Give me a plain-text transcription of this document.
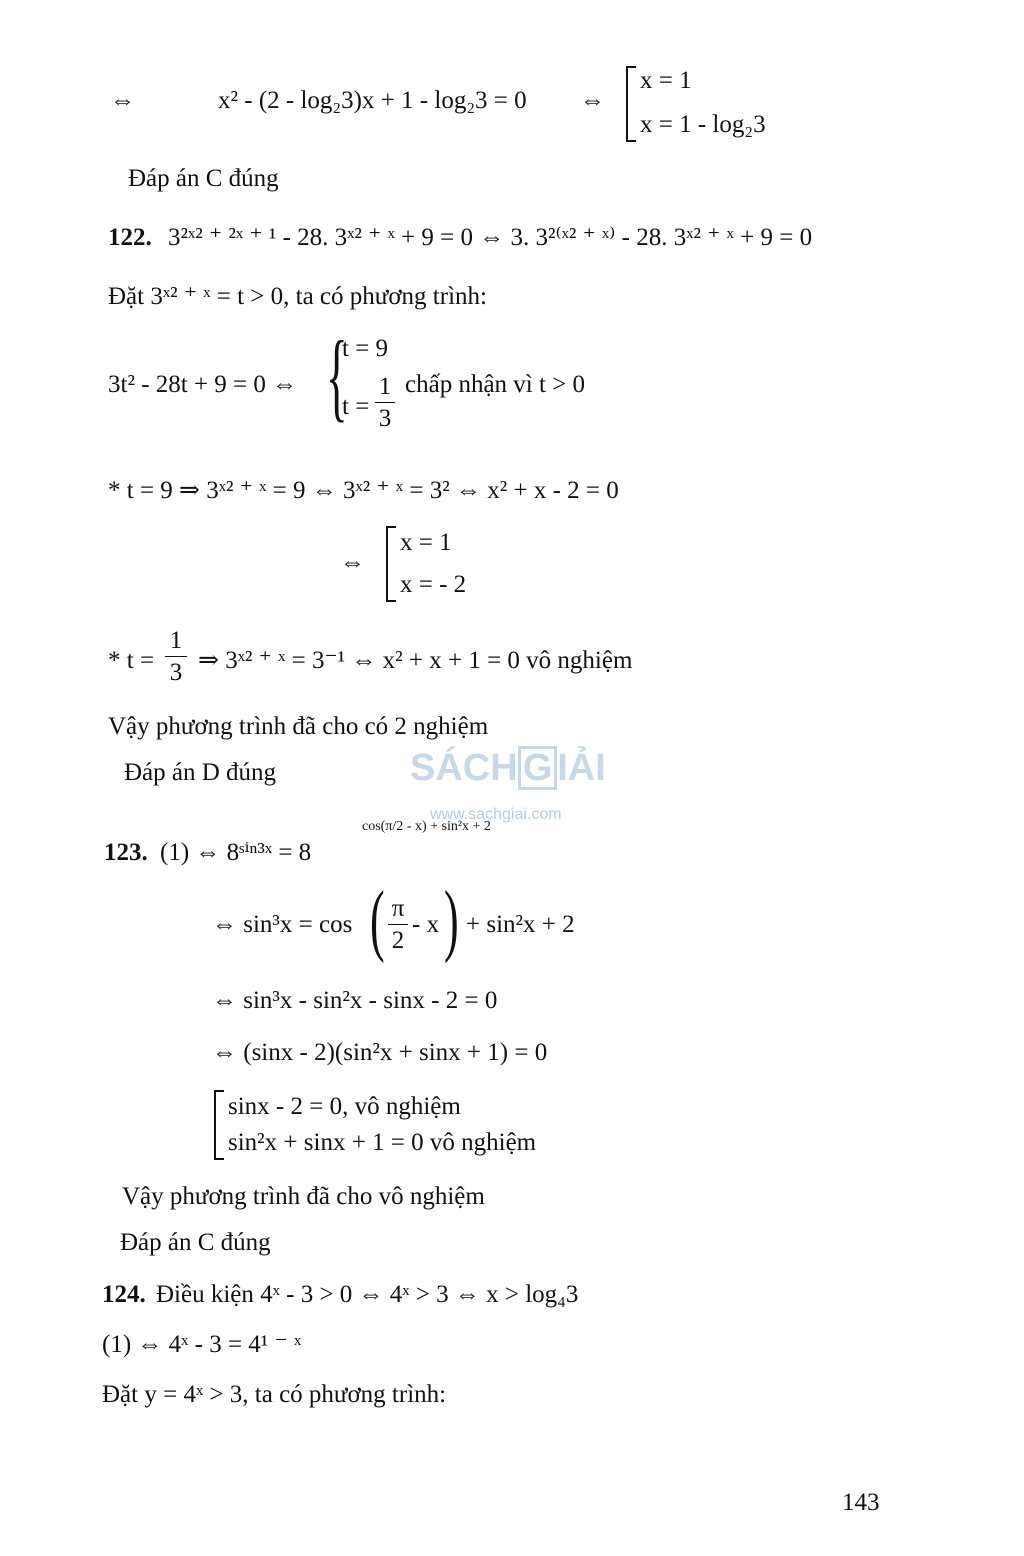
⇔	x² - (2 - log₂3)x + 1 - log₂3 = 0 ⇔
x = 1
x = 1 - log₂3
Đáp án C đúng
122. 3²ˣ² ⁺ ²ˣ ⁺ ¹ - 28. 3ˣ² ⁺ ˣ + 9 = 0 ⇔ 3. 3²⁽ˣ² ⁺ ˣ⁾ - 28. 3ˣ² ⁺ ˣ + 9 = 0
Đặt 3ˣ² ⁺ ˣ = t > 0, ta có phương trình:
3t² - 28t + 9 = 0 ⇔ {
t = 9
t =
1
3
chấp nhận vì t > 0
* t = 9 ⇒ 3ˣ² ⁺ ˣ = 9 ⇔ 3ˣ² ⁺ ˣ = 3² ⇔ x² + x - 2 = 0
⇔
x = 1
x = - 2
* t =
1
3 ⇒ 3ˣ² ⁺ ˣ = 3⁻¹ ⇔ x² + x + 1 = 0 vô nghiệm
Vậy phương trình đã cho có 2 nghiệm
Đáp án D đúng	SÁCH G IẢI
www.sachgiai.com
123. (1) ⇔ 8ˢⁱⁿ³ˣ = 8
cos(π/2 - x) + sin²x + 2
⇔ sin³x = cos ( π
2
- x ) + sin²x + 2
⇔ sin³x - sin²x - sinx - 2 = 0
⇔ (sinx - 2)(sin²x + sinx + 1) = 0
sinx - 2 = 0, vô nghiệm
sin²x + sinx + 1 = 0 vô nghiệm
Vậy phương trình đã cho vô nghiệm
Đáp án C đúng
124. Điều kiện 4ˣ - 3 > 0 ⇔ 4ˣ > 3 ⇔ x > log₄3
(1) ⇔ 4ˣ - 3 = 4¹ ⁻ ˣ
Đặt y = 4ˣ > 3, ta có phương trình:
143
